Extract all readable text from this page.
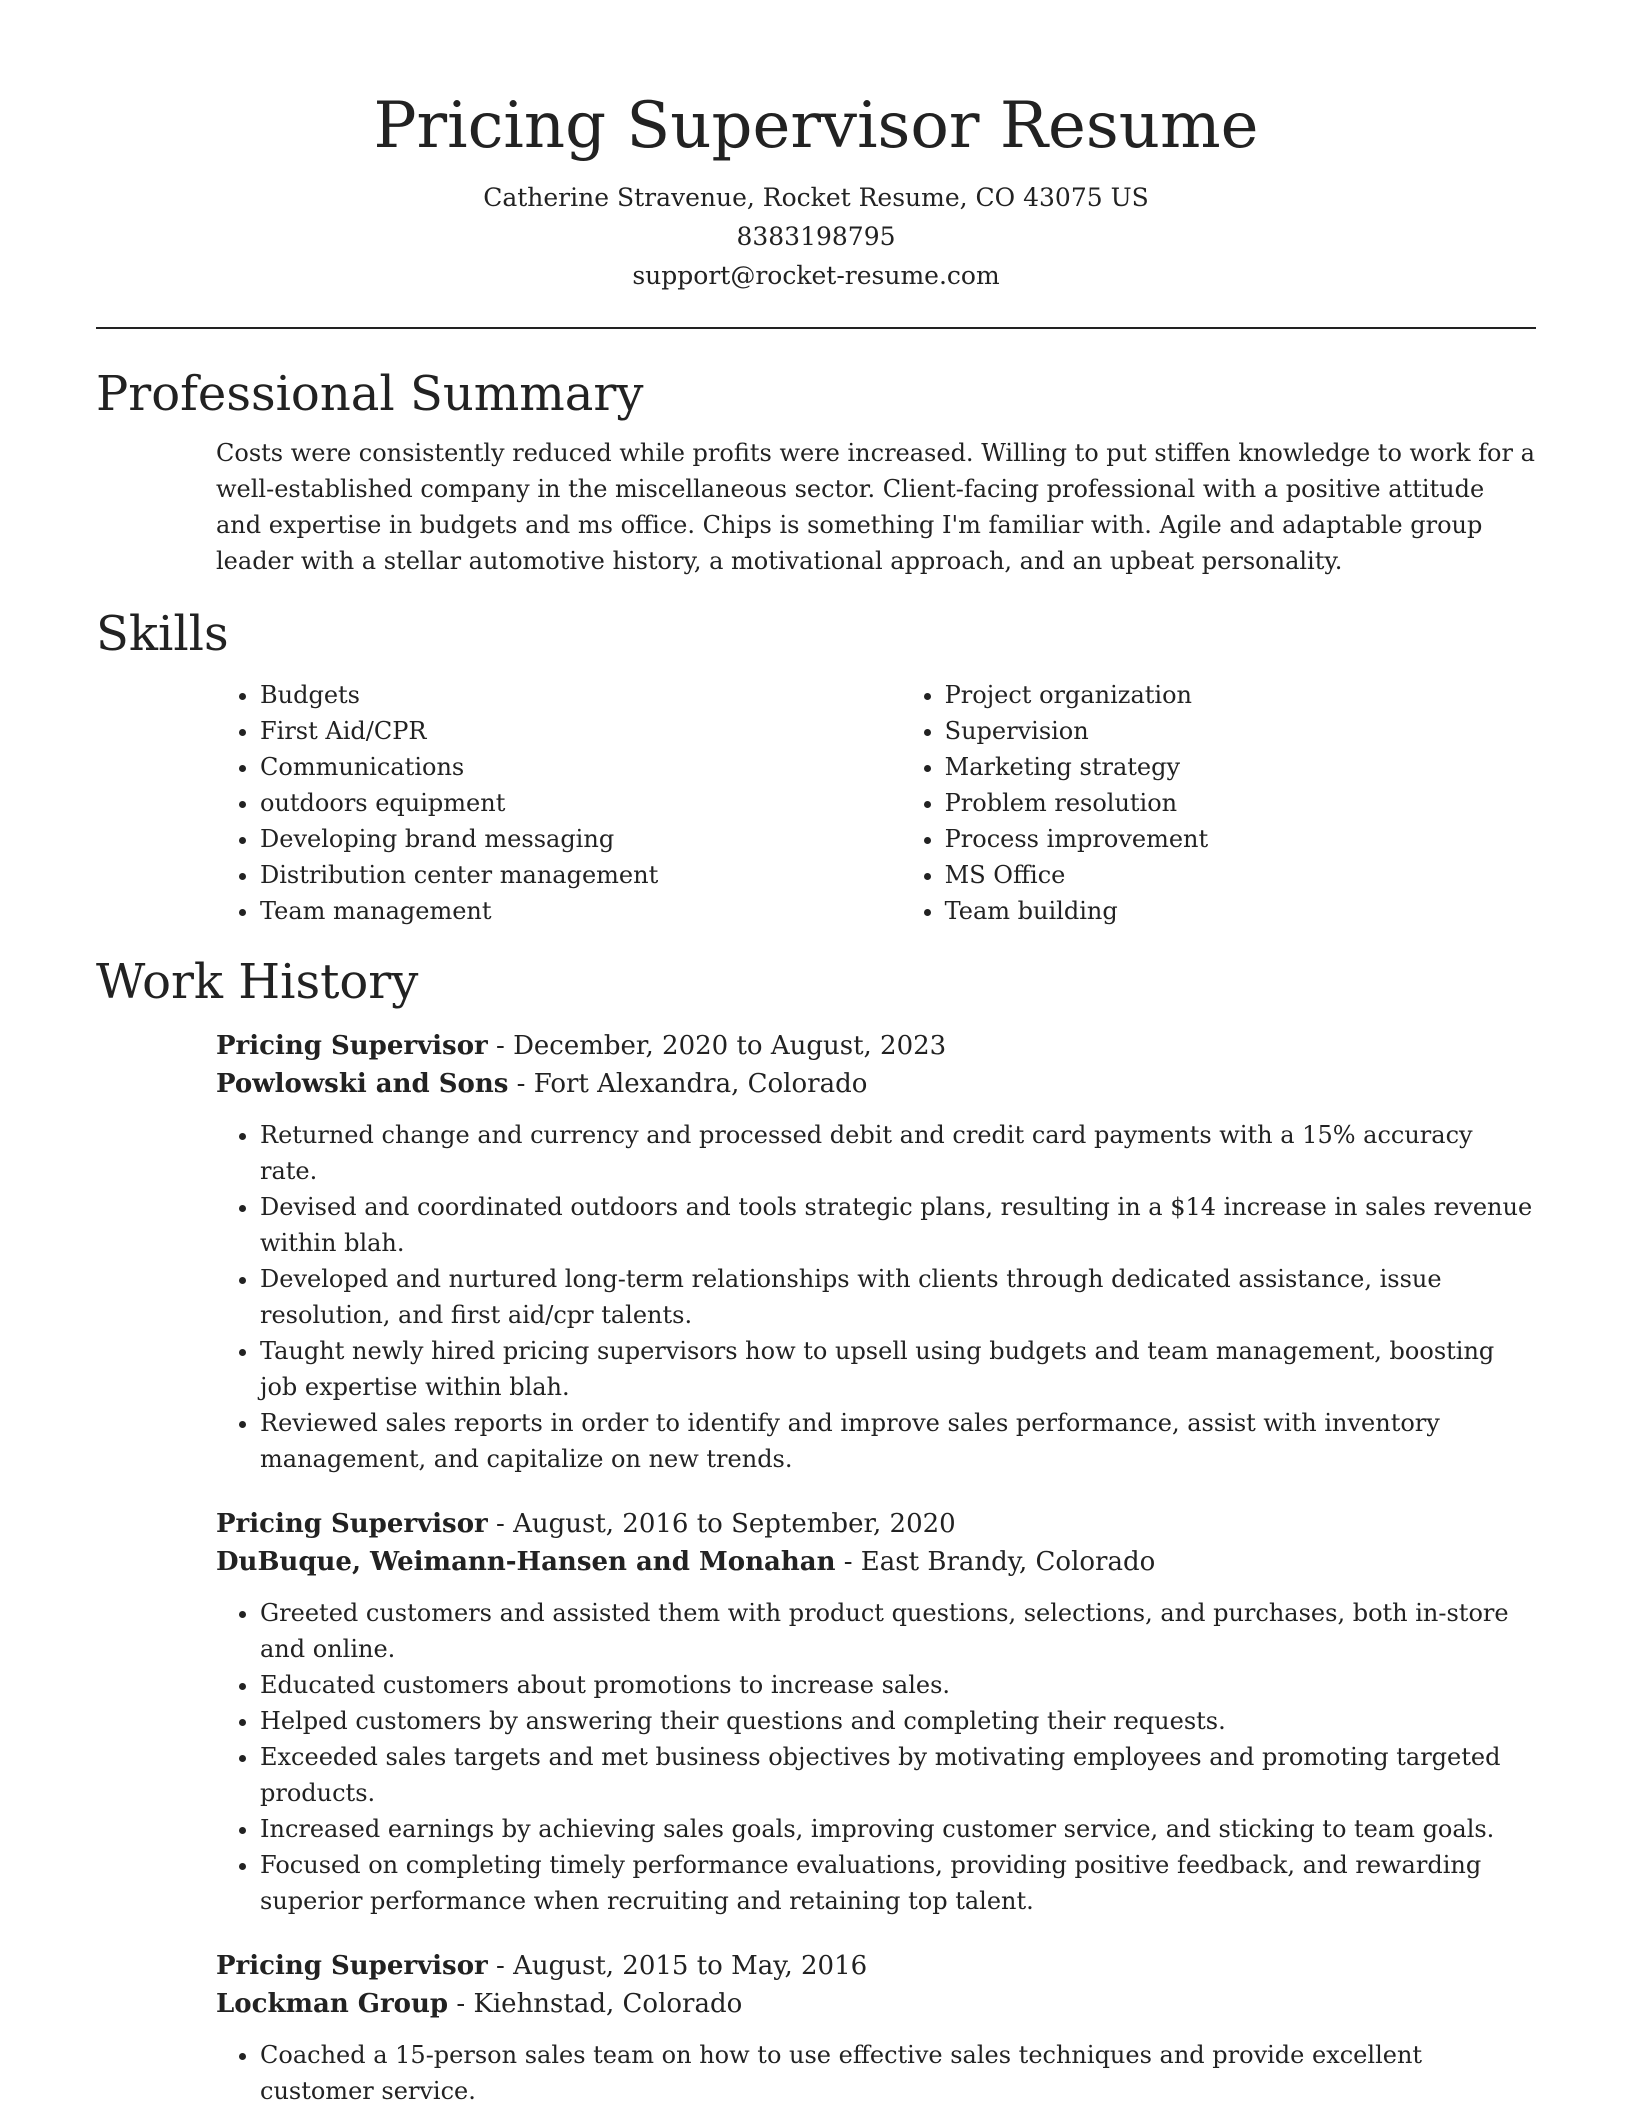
Pricing Supervisor Resume
Catherine Stravenue, Rocket Resume, CO 43075 US
8383198795
support@rocket-resume.com
Professional Summary

Costs were consistently reduced while profits were increased. Willing to put stiffen knowledge to work for a well-established company in the miscellaneous sector. Client-facing professional with a positive attitude and expertise in budgets and ms office. Chips is something I'm familiar with. Agile and adaptable group leader with a stellar automotive history, a motivational approach, and an upbeat personality.

Skills
• Budgets
• First Aid/CPR
• Communications
• outdoors equipment
• Developing brand messaging
• Distribution center management
• Team management
• Project organization
• Supervision
• Marketing strategy
• Problem resolution
• Process improvement
• MS Office
• Team building
Work History
Pricing Supervisor - December, 2020 to August, 2023
Powlowski and Sons - Fort Alexandra, Colorado
• Returned change and currency and processed debit and credit card payments with a 15% accuracy rate.
• Devised and coordinated outdoors and tools strategic plans, resulting in a $14 increase in sales revenue within blah.
• Developed and nurtured long-term relationships with clients through dedicated assistance, issue resolution, and first aid/cpr talents.
• Taught newly hired pricing supervisors how to upsell using budgets and team management, boosting job expertise within blah.
• Reviewed sales reports in order to identify and improve sales performance, assist with inventory management, and capitalize on new trends.
Pricing Supervisor - August, 2016 to September, 2020
DuBuque, Weimann-Hansen and Monahan - East Brandy, Colorado
• Greeted customers and assisted them with product questions, selections, and purchases, both in-store and online.
• Educated customers about promotions to increase sales.
• Helped customers by answering their questions and completing their requests.
• Exceeded sales targets and met business objectives by motivating employees and promoting targeted products.
• Increased earnings by achieving sales goals, improving customer service, and sticking to team goals.
• Focused on completing timely performance evaluations, providing positive feedback, and rewarding superior performance when recruiting and retaining top talent.
Pricing Supervisor - August, 2015 to May, 2016
Lockman Group - Kiehnstad, Colorado
• Coached a 15-person sales team on how to use effective sales techniques and provide excellent customer service.
